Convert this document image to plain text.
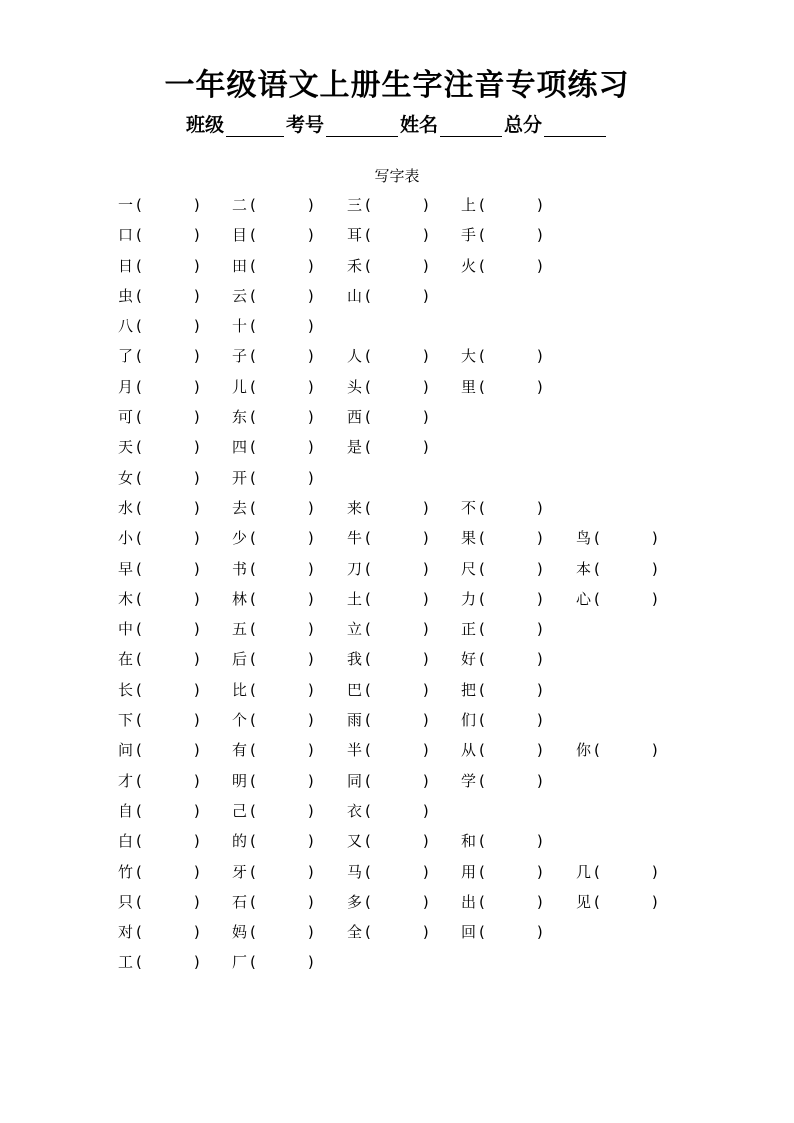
一年级语文上册生字注音专项练习
班级	考号	姓名	总分
写字表
一 (	) 二 (	) 三 (	) 上 (	)
口 (	) 目 (	) 耳 (	) 手 (	)
日 (	) 田 (	) 禾 (	) 火 (	)
虫 (	) 云 (	) 山 (	)
八 (	) 十 (	)
了 (	) 子 (	) 人 (	) 大 (	)
月 (	) 儿 (	) 头 (	) 里 (	)
可 (	) 东 (	) 西 (	)
天 (	) 四 (	) 是 (	)
女 (	) 开 (	)
水 (	) 去 (	) 来 (	) 不 (	)
小 (	) 少 (	) 牛 (	) 果 (	) 鸟 (	)
早 (	) 书 (	) 刀 (	) 尺 (	) 本 (	)
木 (	) 林 (	) 土 (	) 力 (	) 心 (	)
中 (	) 五 (	) 立 (	) 正 (	)
在 (	) 后 (	) 我 (	) 好 (	)
长 (	) 比 (	) 巴 (	) 把 (	)
下 (	) 个 (	) 雨 (	) 们 (	)
问 (	) 有 (	) 半 (	) 从 (	) 你 (	)
才 (	) 明 (	) 同 (	) 学 (	)
自 (	) 己 (	) 衣 (	)
白 (	) 的 (	) 又 (	) 和 (	)
竹 (	) 牙 (	) 马 (	) 用 (	) 几 (	)
只 (	) 石 (	) 多 (	) 出 (	) 见 (	)
对 (	) 妈 (	) 全 (	) 回 (	)
工 (	) 厂 (	)
